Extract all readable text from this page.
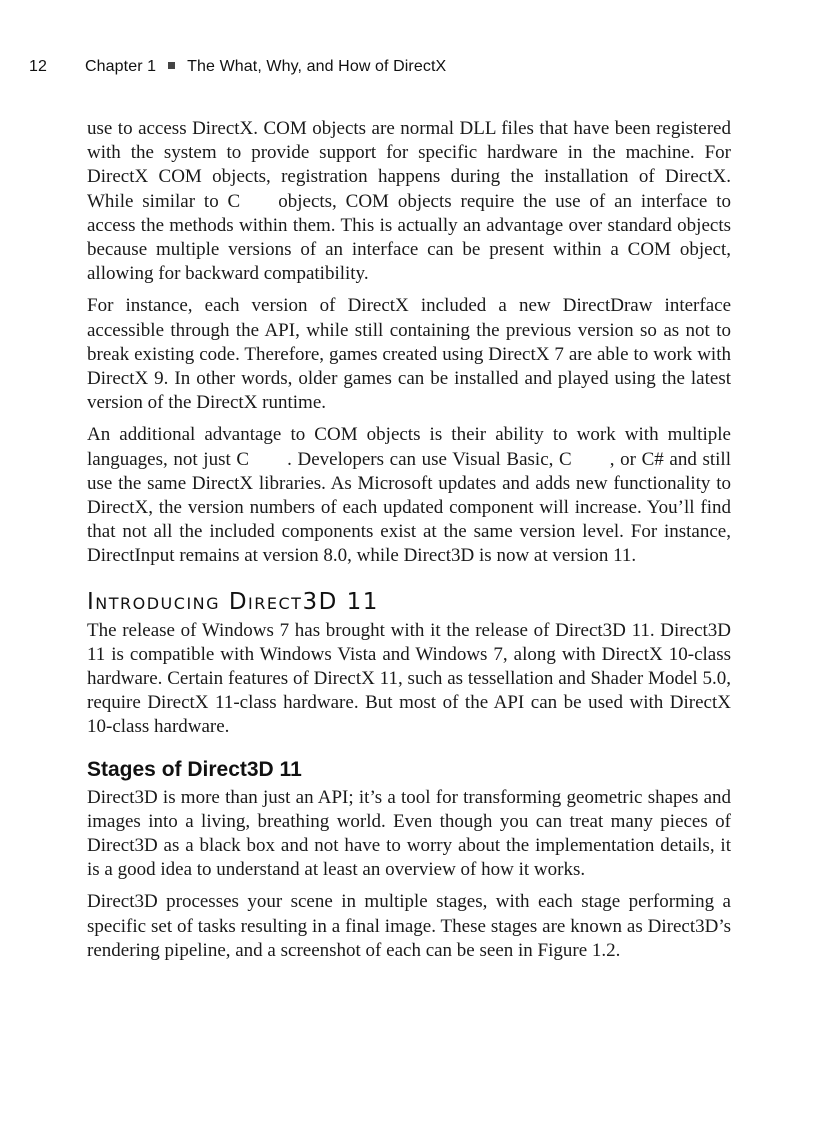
12 Chapter 1 The What, Why, and How of DirectX

use to access DirectX. COM objects are normal DLL files that have been registered with the system to provide support for specific hardware in the machine. For DirectX COM objects, registration happens during the installation of DirectX. While similar to C  objects, COM objects require the use of an interface to access the methods within them. This is actually an advantage over standard objects because multiple versions of an interface can be present within a COM object, allowing for backward compatibility.

For instance, each version of DirectX included a new DirectDraw interface accessible through the API, while still containing the previous version so as not to break existing code. Therefore, games created using DirectX 7 are able to work with DirectX 9. In other words, older games can be installed and played using the latest version of the DirectX runtime.

An additional advantage to COM objects is their ability to work with multiple languages, not just C  . Developers can use Visual Basic, C  , or C# and still use the same DirectX libraries. As Microsoft updates and adds new functionality to DirectX, the version numbers of each updated component will increase. You’ll find that not all the included components exist at the same version level. For instance, DirectInput remains at version 8.0, while Direct3D is now at version 11.

Introducing Direct3D 11

The release of Windows 7 has brought with it the release of Direct3D 11. Direct3D 11 is compatible with Windows Vista and Windows 7, along with DirectX 10-class hardware. Certain features of DirectX 11, such as tessellation and Shader Model 5.0, require DirectX 11-class hardware. But most of the API can be used with DirectX 10-class hardware.

Stages of Direct3D 11

Direct3D is more than just an API; it’s a tool for transforming geometric shapes and images into a living, breathing world. Even though you can treat many pieces of Direct3D as a black box and not have to worry about the implementation details, it is a good idea to understand at least an overview of how it works.

Direct3D processes your scene in multiple stages, with each stage performing a specific set of tasks resulting in a final image. These stages are known as Direct3D’s rendering pipeline, and a screenshot of each can be seen in Figure 1.2.
